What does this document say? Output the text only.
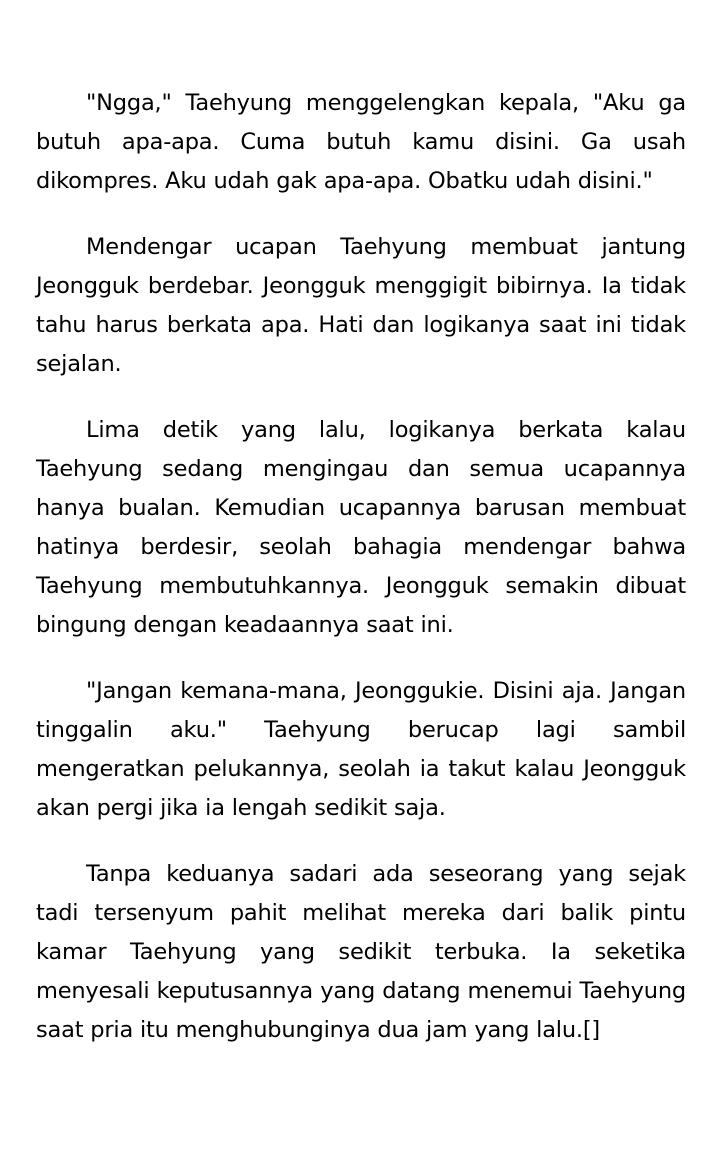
"Ngga," Taehyung menggelengkan kepala, "Aku ga butuh apa-apa. Cuma butuh kamu disini. Ga usah dikompres. Aku udah gak apa-apa. Obatku udah disini."

Mendengar ucapan Taehyung membuat jantung Jeongguk berdebar. Jeongguk menggigit bibirnya. Ia tidak tahu harus berkata apa. Hati dan logikanya saat ini tidak sejalan.

Lima detik yang lalu, logikanya berkata kalau Taehyung sedang mengingau dan semua ucapannya hanya bualan. Kemudian ucapannya barusan membuat hatinya berdesir, seolah bahagia mendengar bahwa Taehyung membutuhkannya. Jeongguk semakin dibuat bingung dengan keadaannya saat ini.

"Jangan kemana-mana, Jeonggukie. Disini aja. Jangan tinggalin aku." Taehyung berucap lagi sambil mengeratkan pelukannya, seolah ia takut kalau Jeongguk akan pergi jika ia lengah sedikit saja.

Tanpa keduanya sadari ada seseorang yang sejak tadi tersenyum pahit melihat mereka dari balik pintu kamar Taehyung yang sedikit terbuka. Ia seketika menyesali keputusannya yang datang menemui Taehyung saat pria itu menghubunginya dua jam yang lalu.[]
